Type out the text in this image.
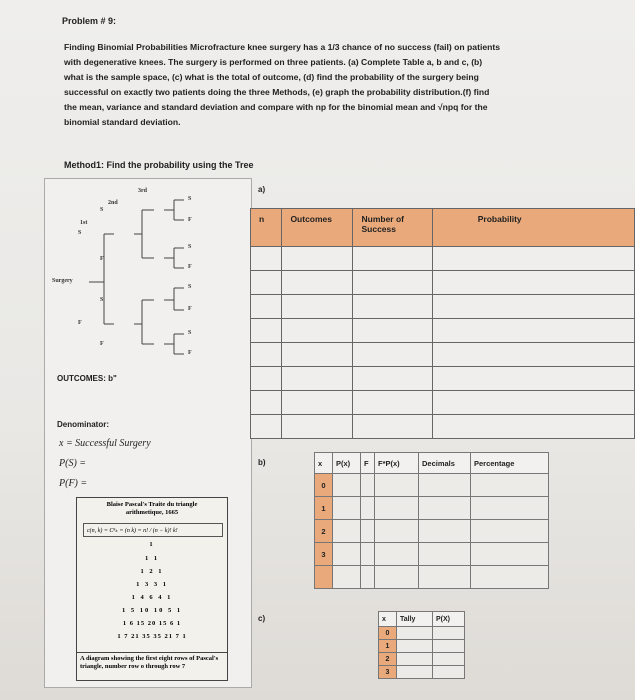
Problem # 9:
Finding Binomial Probabilities Microfracture knee surgery has a 1/3 chance of no success (fail) on patients
with degenerative knees. The surgery is performed on three patients. (a) Complete Table a, b and c, (b)
what is the sample space, (c) what is the total of outcome, (d) find the probability of the surgery being
successful on exactly two patients doing the three Methods, (e) graph the probability distribution.(f) find
the mean, variance and standard deviation and compare with np for the binomial mean and √npq for the
binomial standard deviation.
Method1: Find the probability using the Tree
3rd
2nd
1st
Surgery
S
F
S
F
S
F
S
F
S
F
S
F
S
F
OUTCOMES: b"
Denominator:
x = Successful Surgery
P(S) =
P(F) =
Blaise Pascal's Traite du triangle
arithmetique, 1665
c(n, k) = Cⁿₖ = (n k) = n! / (n − k)! k!
1
1 1
1 2 1
1 3 3 1
1 4 6 4 1
1 5 10 10 5 1
1 6 15 20 15 6 1
1 7 21 35 35 21 7 1
A diagram showing the first eight rows of Pascal's triangle, number row o through row 7
a)
n	Outcomes	Number of Success	Probability

b)	x	P(x)	F	F*P(x)	Decimals	Percentage
0					
1					
2					
3					

c)	x	Tally	P(X)
0		
1		
2		
3		
